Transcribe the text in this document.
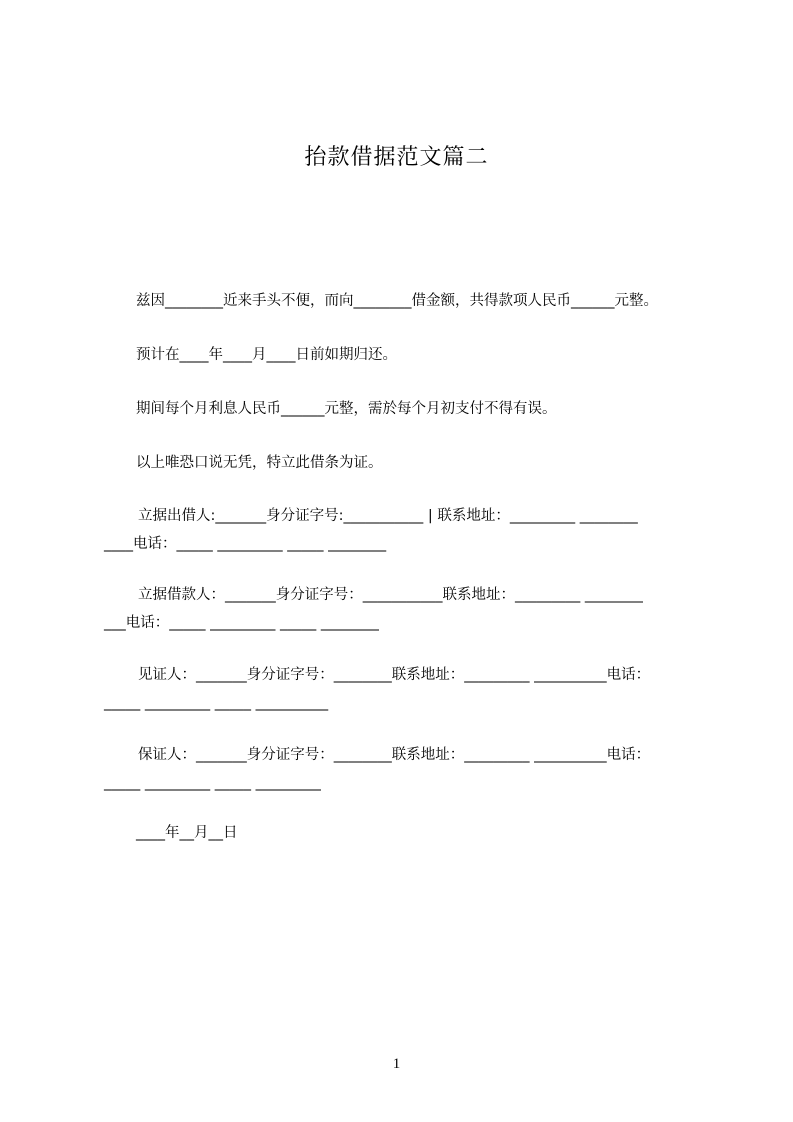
抬款借据范文篇二
兹因________近来手头不便，而向________借金额，共得款项人民币______元整。
预计在____年____月____日前如期归还。
期间每个月利息人民币______元整，需於每个月初支付不得有误。
以上唯恐口说无凭，特立此借条为证。
立据出借人:_______身分证字号:___________ | 联系地址：_________ ________
____电话：_____ _________ _____ ________
立据借款人：_______身分证字号：___________联系地址：_________ ________
___电话：_____ _________ _____ ________
见证人：_______身分证字号：________联系地址：_________ __________电话：
_____ _________ _____ __________
保证人：_______身分证字号：________联系地址：_________ __________电话：
_____ _________ _____ _________
____年__月__日
1
